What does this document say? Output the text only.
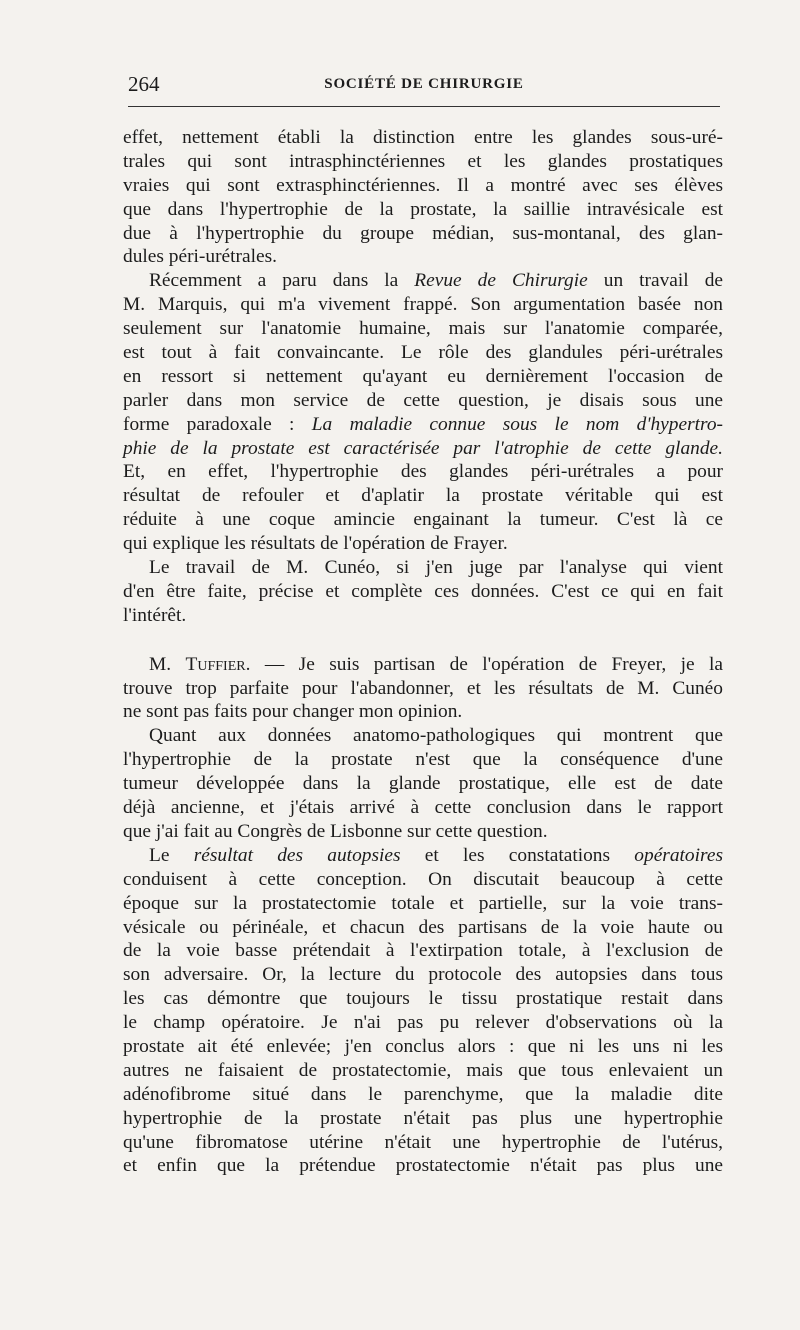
264	SOCIÉTÉ DE CHIRURGIE
effet, nettement établi la distinction entre les glandes sous-uré-
trales qui sont intrasphinctériennes et les glandes prostatiques
vraies qui sont extrasphinctériennes. Il a montré avec ses élèves
que dans l'hypertrophie de la prostate, la saillie intravésicale est
due à l'hypertrophie du groupe médian, sus-montanal, des glan-
dules péri-urétrales.
Récemment a paru dans la Revue de Chirurgie un travail de
M. Marquis, qui m'a vivement frappé. Son argumentation basée non
seulement sur l'anatomie humaine, mais sur l'anatomie comparée,
est tout à fait convaincante. Le rôle des glandules péri-urétrales
en ressort si nettement qu'ayant eu dernièrement l'occasion de
parler dans mon service de cette question, je disais sous une
forme paradoxale : La maladie connue sous le nom d'hypertro-
phie de la prostate est caractérisée par l'atrophie de cette glande.
Et, en effet, l'hypertrophie des glandes péri-urétrales a pour
résultat de refouler et d'aplatir la prostate véritable qui est
réduite à une coque amincie engainant la tumeur. C'est là ce
qui explique les résultats de l'opération de Frayer.
Le travail de M. Cunéo, si j'en juge par l'analyse qui vient
d'en être faite, précise et complète ces données. C'est ce qui en fait
l'intérêt.
M. Tuffier. — Je suis partisan de l'opération de Freyer, je la
trouve trop parfaite pour l'abandonner, et les résultats de M. Cunéo
ne sont pas faits pour changer mon opinion.
Quant aux données anatomo-pathologiques qui montrent que
l'hypertrophie de la prostate n'est que la conséquence d'une
tumeur développée dans la glande prostatique, elle est de date
déjà ancienne, et j'étais arrivé à cette conclusion dans le rapport
que j'ai fait au Congrès de Lisbonne sur cette question.
Le résultat des autopsies et les constatations opératoires
conduisent à cette conception. On discutait beaucoup à cette
époque sur la prostatectomie totale et partielle, sur la voie trans-
vésicale ou périnéale, et chacun des partisans de la voie haute ou
de la voie basse prétendait à l'extirpation totale, à l'exclusion de
son adversaire. Or, la lecture du protocole des autopsies dans tous
les cas démontre que toujours le tissu prostatique restait dans
le champ opératoire. Je n'ai pas pu relever d'observations où la
prostate ait été enlevée; j'en conclus alors : que ni les uns ni les
autres ne faisaient de prostatectomie, mais que tous enlevaient un
adénofibrome situé dans le parenchyme, que la maladie dite
hypertrophie de la prostate n'était pas plus une hypertrophie
qu'une fibromatose utérine n'était une hypertrophie de l'utérus,
et enfin que la prétendue prostatectomie n'était pas plus une
